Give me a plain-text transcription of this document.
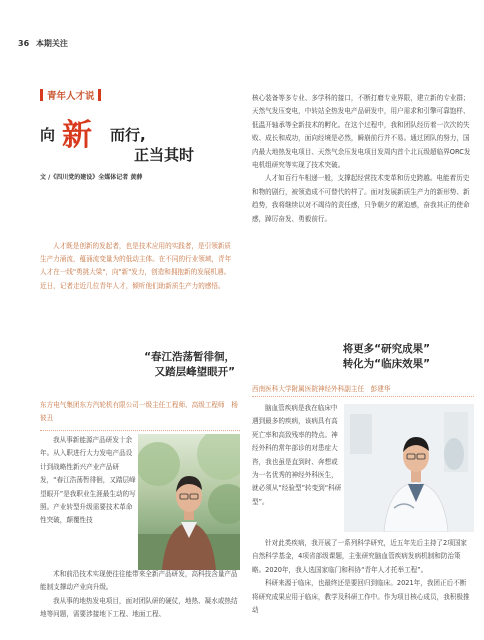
36 本期关注
青年人才说
向 新 而行,
正当其时
文 /《四川党的建设》全媒体记者 黄薛
人才既是创新的发起者，也是技术应用的实践者，是引领新质生产力涌流，蕴涌流变量为的低动主体。在不同的行业领域，青年人才在一线"勇挑大梁"，向"新"发力，创造和拥抱新的发展机遇。近日，记者走近几位青年人才，倾听他们助新质生产力的感悟。

核心装备等多专业、多学科的接口，不断打磨专业界限，建立新的专业群；天然气发压变电，中转站全热发电产品研发中，用户需求和引擎可靠饱样、低温开轴承等全新技术的孵化。在这个过程中，我和团队经历着一次次的失败、成长和成功，面向经境是必然，瞬崩前行并不易。通过团队的努力，国内最大地热发电项目、天然气余压发电项目发周内首个北瓦级超临界ORC发电机组研究等实现了技术突破。

人才如百行车相递一般，支撑起经营技术变革和历史跨越。电能着历史和物的剧行，被领造成不可替代的样了。面对发展新质生产力的新形势、新趋势，我将继续以对不竭待的责任感，只争朝夕的紧迫感，奋我其正的使命感，踔厉奋发、勇毅前行。

将更多“研究成果”
转化为“临床效果”
“春江浩荡暂徘徊，
又踏层峰望眼开”
东方电气集团东方汽轮机有限公司一级主任工程师、高级工程师　杨彼丑
西南医科大学附属医院神经外科副主任　彭建华

我从事新能源产品研发十余年。从入职进行大力发电产品设计到战略性新兴产业产品研发，“春江浩荡暂徘徊，又踏层峰望眼开”是我职业生涯最生动的写照。产业转型升级需要技术革命性突破，颠覆性技

术和前沿技术实现使往往能带来全新产品研发，高科技含量产品能制支撑动产业向升级。

我从事的地热发电项目，面对团队研的硬仗，地热、凝水或热结地等问题，需要涉接地下工程、地面工程、

脑血管疾病是我在临床中遇到最多的疾病，该病具有高死亡率和高致残率的特点。神经外科的常年部诊的对患症大咨，我也虽是直到时、奔想或为一名优秀的神经外科医生，就必须从“经验型”转变到“科研型”。

针对此类疾病，我开展了一系列科学研究，近五年先后主持了2项国家自然科学基金，4项省部级课题，主张研究脑血管疾病发病机制和防治策略。2020年，我人选国家临门和科协“青年人才托举工程”。

科研来源于临床，也最终还是要回归到临床。2021年，我团正后不断将研究成果应用于临床，教学及科研工作中。作为项目核心成员，我积极推动
